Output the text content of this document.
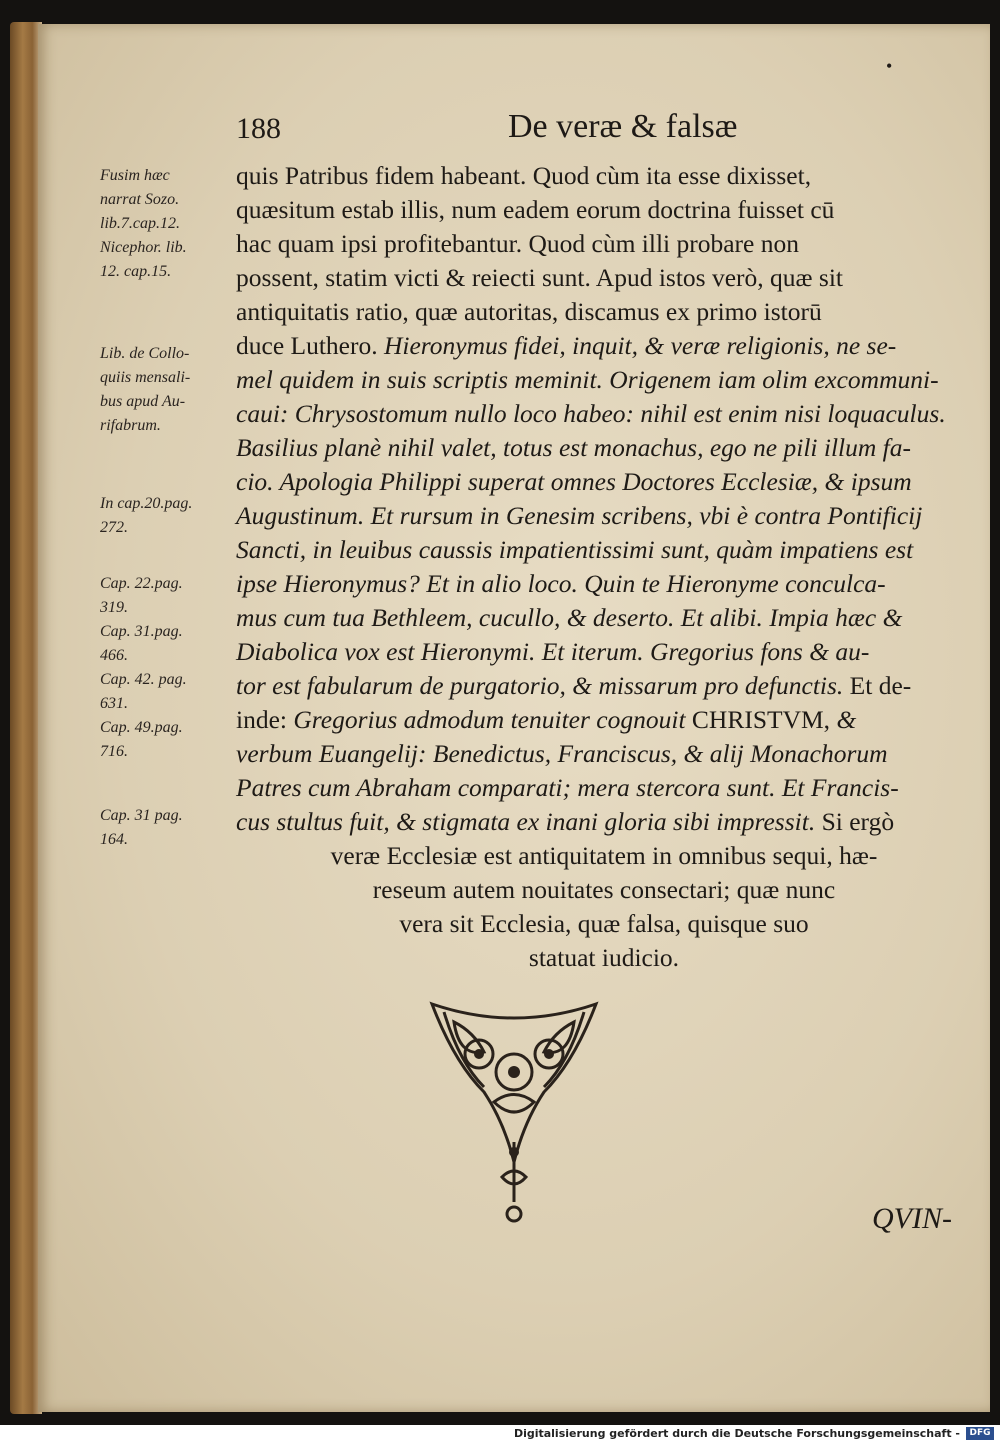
•

188	De veræ & falsæ

Fusim hæc

narrat Sozo.

lib.7.cap.12.

Nicephor. lib.

12. cap.15.

Lib. de Collo-

quiis mensali-

bus apud Au-

rifabrum.

In cap.20.pag.

272.

Cap. 22.pag.

319.

Cap. 31.pag.

466.

Cap. 42. pag.

631.

Cap. 49.pag.

716.

Cap. 31 pag.

164.

quis Patribus fidem habeant. Quod cùm ita esse dixisset,

quæsitum estab illis, num eadem eorum doctrina fuisset cū

hac quam ipsi profitebantur. Quod cùm illi probare non

possent, statim victi & reiecti sunt. Apud istos verò, quæ sit

antiquitatis ratio, quæ autoritas, discamus ex primo istorū

duce Luthero. Hieronymus fidei, inquit, & veræ religionis, ne se-

mel quidem in suis scriptis meminit. Origenem iam olim excommuni-

caui: Chrysostomum nullo loco habeo: nihil est enim nisi loquaculus.

Basilius planè nihil valet, totus est monachus, ego ne pili illum fa-

cio. Apologia Philippi superat omnes Doctores Ecclesiæ, & ipsum

Augustinum. Et rursum in Genesim scribens, vbi è contra Pontificij

Sancti, in leuibus caussis impatientissimi sunt, quàm impatiens est

ipse Hieronymus? Et in alio loco. Quin te Hieronyme conculca-

mus cum tua Bethleem, cucullo, & deserto. Et alibi. Impia hæc &

Diabolica vox est Hieronymi. Et iterum. Gregorius fons & au-

tor est fabularum de purgatorio, & missarum pro defunctis. Et de-

inde: Gregorius admodum tenuiter cognouit CHRISTVM, &

verbum Euangelij: Benedictus, Franciscus, & alij Monachorum

Patres cum Abraham comparati; mera stercora sunt. Et Francis-

cus stultus fuit, & stigmata ex inani gloria sibi impressit. Si ergò

veræ Ecclesiæ est antiquitatem in omnibus sequi, hæ-

reseum autem nouitates consectari; quæ nunc

vera sit Ecclesia, quæ falsa, quisque suo

statuat iudicio.

QVIN-

Digitalisierung gefördert durch die Deutsche Forschungsgemeinschaft -	DFG
